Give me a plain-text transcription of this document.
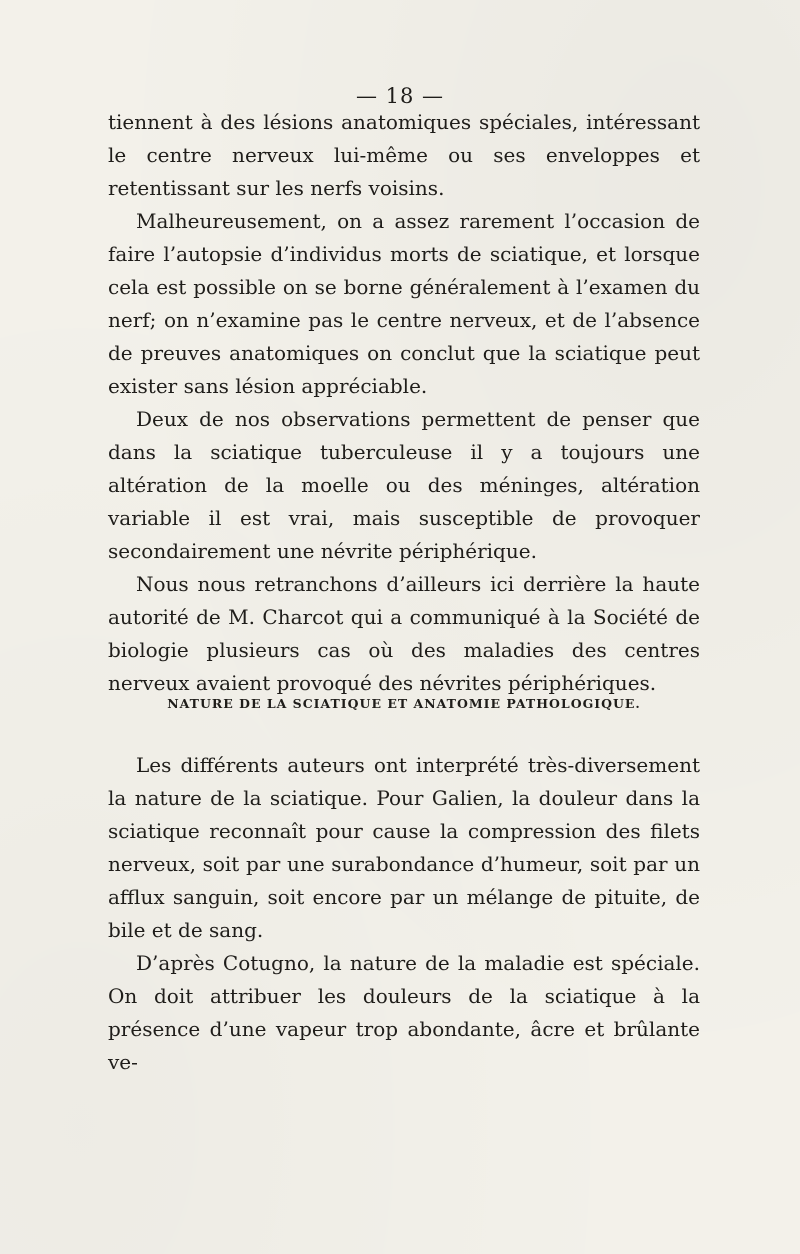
— 18 —

tiennent à des lésions anatomiques spéciales, intéressant le centre nerveux lui-même ou ses enveloppes et retentissant sur les nerfs voisins.

Malheureusement, on a assez rarement l’occasion de faire l’autopsie d’individus morts de sciatique, et lorsque cela est possible on se borne généralement à l’examen du nerf; on n’examine pas le centre nerveux, et de l’absence de preuves anatomiques on conclut que la sciatique peut exister sans lésion appréciable.

Deux de nos observations permettent de penser que dans la sciatique tuberculeuse il y a toujours une altération de la moelle ou des méninges, altération variable il est vrai, mais susceptible de provoquer secondairement une névrite périphérique.

Nous nous retranchons d’ailleurs ici derrière la haute autorité de M. Charcot qui a communiqué à la Société de biologie plusieurs cas où des maladies des centres nerveux avaient provoqué des névrites périphériques.

NATURE DE LA SCIATIQUE ET ANATOMIE PATHOLOGIQUE.

Les différents auteurs ont interprété très-diversement la nature de la sciatique. Pour Galien, la douleur dans la sciatique reconnaît pour cause la compression des filets nerveux, soit par une surabondance d’humeur, soit par un afflux sanguin, soit encore par un mélange de pituite, de bile et de sang.

D’après Cotugno, la nature de la maladie est spéciale. On doit attribuer les douleurs de la sciatique à la présence d’une vapeur trop abondante, âcre et brûlante ve-
